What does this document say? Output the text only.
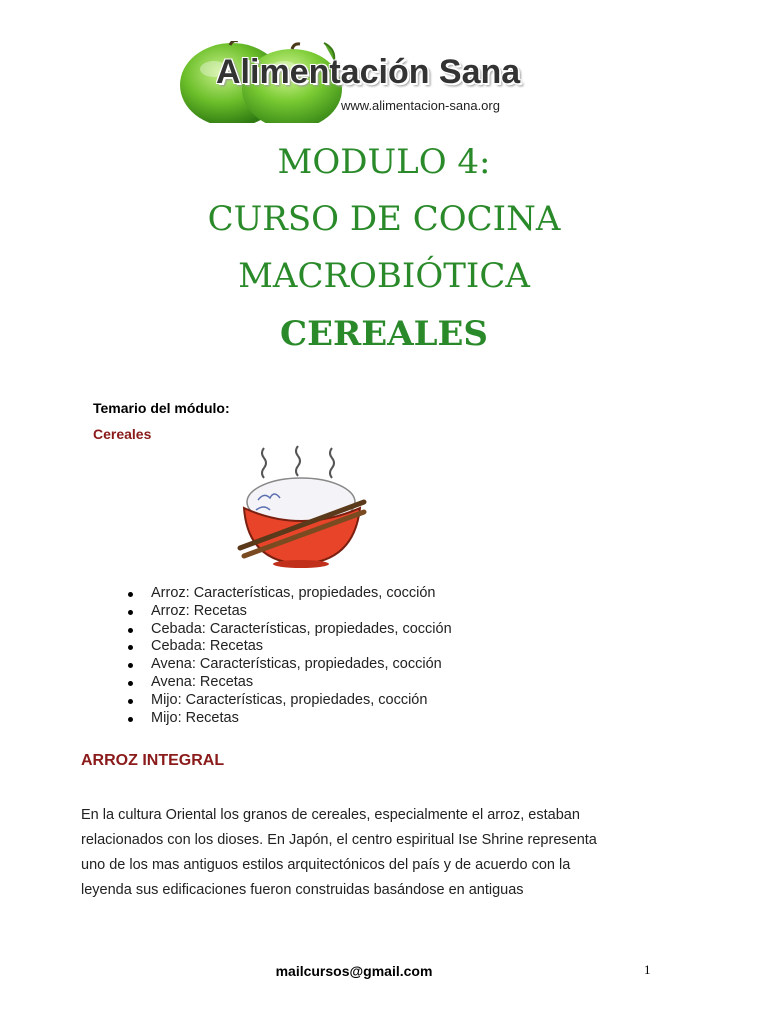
Alimentación Sana
www.alimentacion-sana.org
MODULO 4:
CURSO DE COCINA
MACROBIÓTICA
CEREALES
Temario del módulo:
Cereales
Arroz: Características, propiedades, cocción
Arroz: Recetas
Cebada: Características, propiedades, cocción
Cebada: Recetas
Avena: Características, propiedades, cocción
Avena: Recetas
Mijo: Características, propiedades, cocción
Mijo: Recetas
ARROZ INTEGRAL
En la cultura Oriental los granos de cereales, especialmente el arroz, estaban
relacionados con los dioses. En Japón, el centro espiritual Ise Shrine representa
uno de los mas antiguos estilos arquitectónicos del país y de acuerdo con la
leyenda sus edificaciones fueron construidas basándose en antiguas
mailcursos@gmail.com	1
